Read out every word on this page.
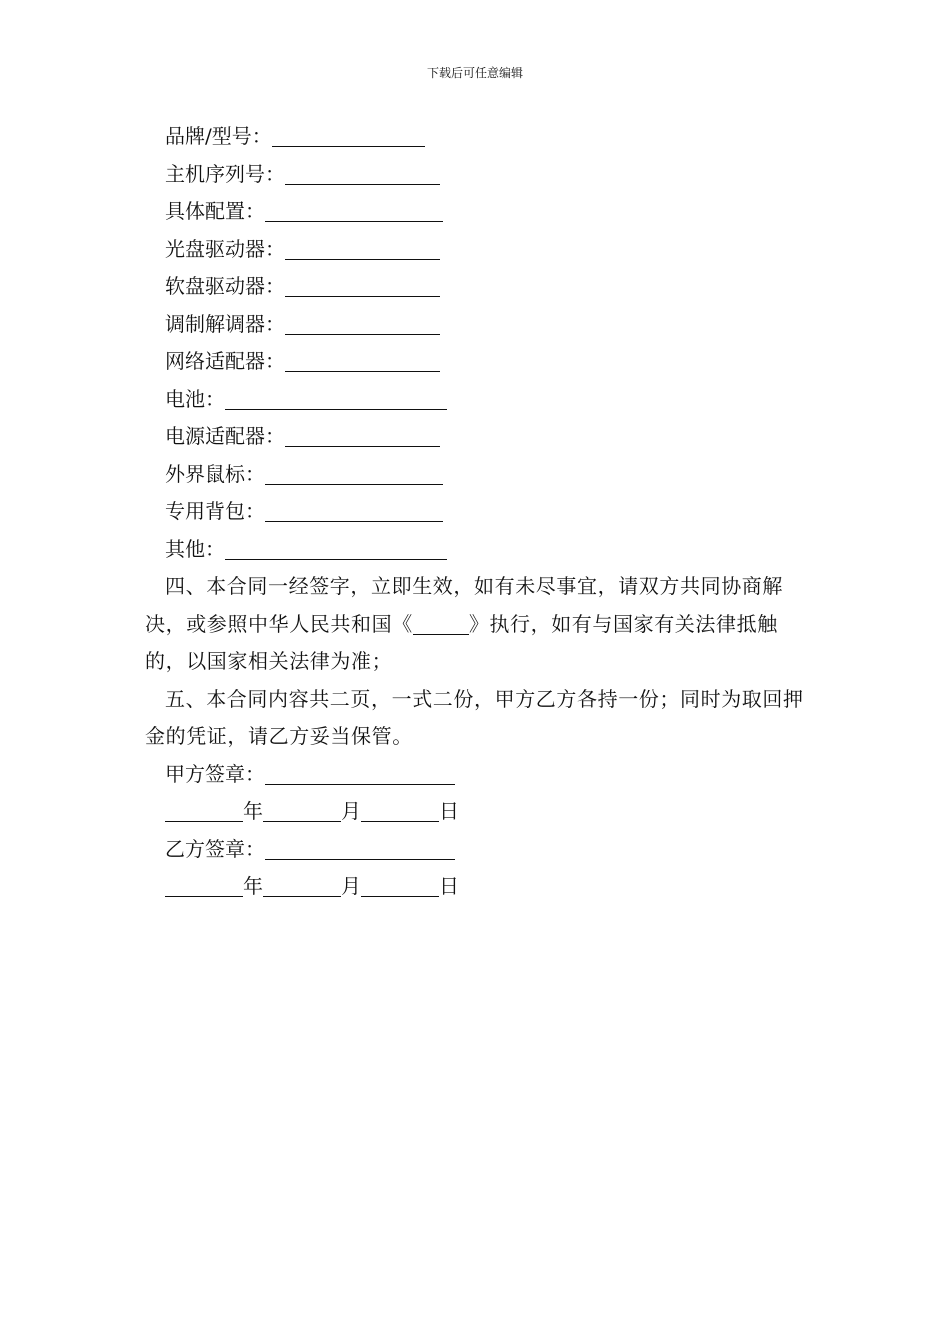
下载后可任意编辑
品牌/型号：
主机序列号：
具体配置：
光盘驱动器：
软盘驱动器：
调制解调器：
网络适配器：
电池：
电源适配器：
外界鼠标：
专用背包：
其他：
四、本合同一经签字，立即生效，如有未尽事宜，请双方共同协商解决，或参照中华人民共和国《	》执行，如有与国家有关法律抵触的，以国家相关法律为准；
五、本合同内容共二页，一式二份，甲方乙方各持一份；同时为取回押金的凭证，请乙方妥当保管。
甲方签章：
年	月	日
乙方签章：
年	月	日
